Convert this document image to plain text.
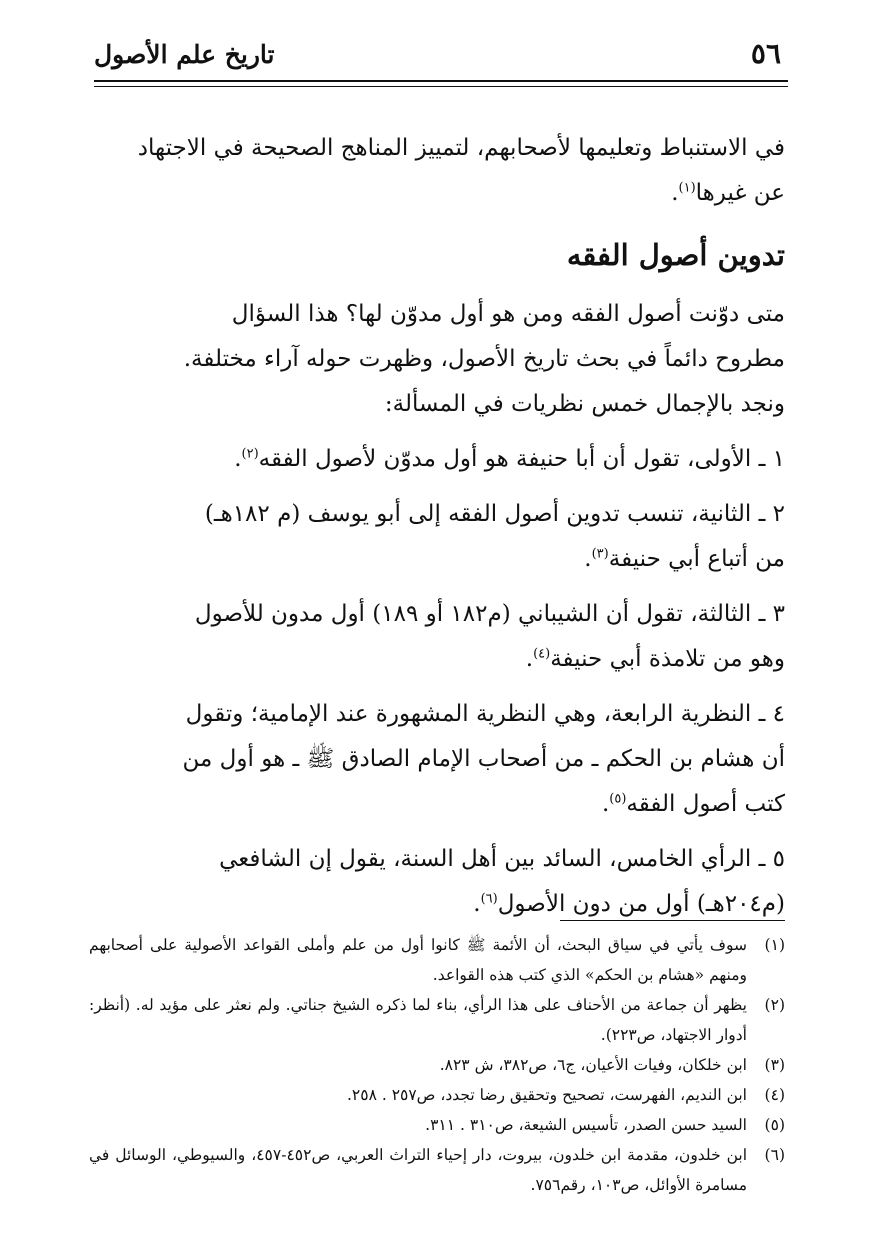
٥٦
تاريخ علم الأصول

في الاستنباط وتعليمها لأصحابهم، لتمييز المناهج الصحيحة في الاجتهاد
عن غيرها$^{(١)}$.

تدوين أصول الفقه

متى دوّنت أصول الفقه ومن هو أول مدوّن لها؟ هذا السؤال
مطروح دائماً في بحث تاريخ الأصول، وظهرت حوله آراء مختلفة.
ونجد بالإجمال خمس نظريات في المسألة:

١ ـ الأولى، تقول أن أبا حنيفة هو أول مدوّن لأصول الفقه$^{(٢)}$.

٢ ـ الثانية، تنسب تدوين أصول الفقه إلى أبو يوسف (م ١٨٢هـ)
من أتباع أبي حنيفة$^{(٣)}$.

٣ ـ الثالثة، تقول أن الشيباني (م١٨٢ أو ١٨٩) أول مدون للأصول
وهو من تلامذة أبي حنيفة$^{(٤)}$.

٤ ـ النظرية الرابعة، وهي النظرية المشهورة عند الإمامية؛ وتقول
أن هشام بن الحكم ـ من أصحاب الإمام الصادق ﷺ ـ هو أول من
كتب أصول الفقه$^{(٥)}$.

٥ ـ الرأي الخامس، السائد بين أهل السنة، يقول إن الشافعي
(م٢٠٤هـ) أول من دون الأصول$^{(٦)}$.

(١)
سوف يأتي في سياق البحث، أن الأئمة ﷺ كانوا أول من علم وأملى القواعد الأصولية على أصحابهم ومنهم «هشام بن الحكم» الذي كتب هذه القواعد.
(٢)
يظهر أن جماعة من الأحناف على هذا الرأي، بناء لما ذكره الشيخ جناتي. ولم نعثر على مؤيد له. (أنظر: أدوار الاجتهاد، ص٢٢٣).
(٣)
ابن خلكان، وفيات الأعيان، ج٦، ص٣٨٢، ش ٨٢٣.
(٤)
ابن النديم، الفهرست، تصحيح وتحقيق رضا تجدد، ص٢٥٧ . ٢٥٨.
(٥)
السيد حسن الصدر، تأسيس الشيعة، ص٣١٠ . ٣١١.
(٦)
ابن خلدون، مقدمة ابن خلدون، بيروت، دار إحياء التراث العربي، ص٤٥٢-٤٥٧، والسيوطي، الوسائل في مسامرة الأوائل، ص١٠٣، رقم٧٥٦.
